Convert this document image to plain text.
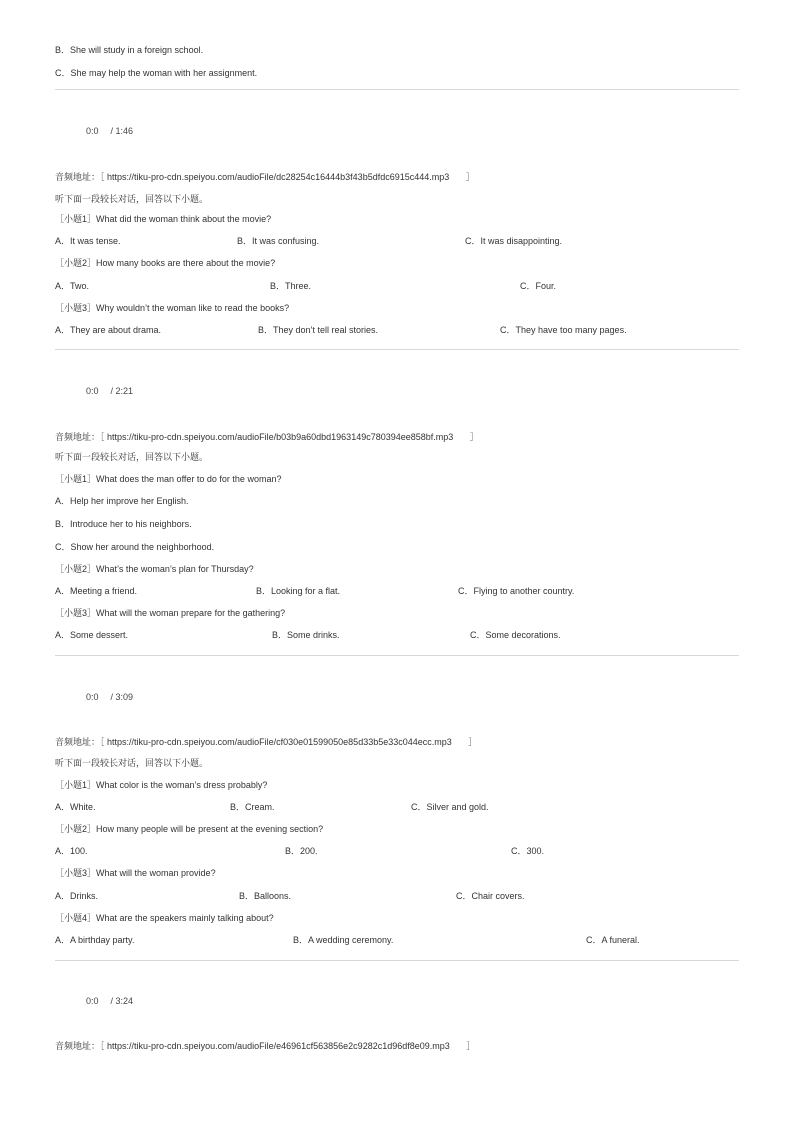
B．She will study in a foreign school.
C．She may help the woman with her assignment.
0:0 / 1:46
音频地址：［ https://tiku-pro-cdn.speiyou.com/audioFile/dc28254c16444b3f43b5dfdc6915c444.mp3 ］
听下面一段较长对话，回答以下小题。
［小题1］What did the woman think about the movie?
A．It was tense.	B．It was confusing.	C．It was disappointing.
［小题2］How many books are there about the movie?
A．Two.	B．Three.	C．Four.
［小题3］Why wouldn’t the woman like to read the books?
A．They are about drama.	B．They don’t tell real stories.	C．They have too many pages.
0:0 / 2:21
音频地址：［ https://tiku-pro-cdn.speiyou.com/audioFile/b03b9a60dbd1963149c780394ee858bf.mp3 ］
听下面一段较长对话，回答以下小题。
［小题1］What does the man offer to do for the woman?
A．Help her improve her English.
B．Introduce her to his neighbors.
C．Show her around the neighborhood.
［小题2］What’s the woman’s plan for Thursday?
A．Meeting a friend.	B．Looking for a flat.	C．Flying to another country.
［小题3］What will the woman prepare for the gathering?
A．Some dessert.	B．Some drinks.	C．Some decorations.
0:0 / 3:09
音频地址：［ https://tiku-pro-cdn.speiyou.com/audioFile/cf030e01599050e85d33b5e33c044ecc.mp3 ］
听下面一段较长对话，回答以下小题。
［小题1］What color is the woman’s dress probably?
A．White.	B．Cream.	C．Silver and gold.
［小题2］How many people will be present at the evening section?
A．100.	B．200.	C．300.
［小题3］What will the woman provide?
A．Drinks.	B．Balloons.	C．Chair covers.
［小题4］What are the speakers mainly talking about?
A．A birthday party.	B．A wedding ceremony.	C．A funeral.
0:0 / 3:24
音频地址：［ https://tiku-pro-cdn.speiyou.com/audioFile/e46961cf563856e2c9282c1d96df8e09.mp3 ］
